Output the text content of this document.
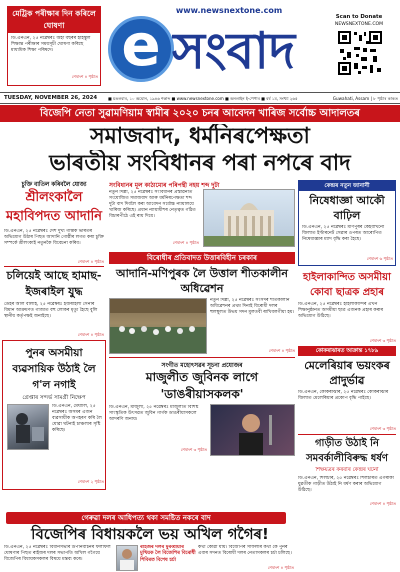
মেট্ৰিক পৰীক্ষাৰ দিন কৰিলে ঘোষণা
ডি.এনএন, ২৫ নৱেম্বৰঃ অহা বছৰৰ হাইস্কুল শিক্ষান্ত পৰীক্ষাৰ সময়সূচী ঘোষণা কৰিছে মাধ্যমিক শিক্ষা পৰিষদে।
শেষাংশ ৪ পৃষ্ঠাত
www.newsnextone.com
e সংবাদ
Scan to Donate
NEWSNEXTONE.COM
TUESDAY, NOVEMBER 26, 2024	■ মঙলবাৰ, ১০ অঘোন, ১৯৪৬ শকাব্দ ■ www.newsnextone.com ■ অনলাইন ই-পেপাৰ ■ বৰ্ষ ১ম, সংখ্যা ২৬৫	Guwahati, Assam | ৮ পৃষ্ঠাৰ কাকত
বিজেপি নেতা সুৱামণিয়াম স্বামীৰ ২০২০ চনৰ আবেদন খাৰিজ সৰ্বোচ্চ আদালতৰ
সমাজবাদ, ধৰ্মনিৰপেক্ষতা
ভাৰতীয় সংবিধানৰ পৰা নপৰে বাদ
চুক্তি বাতিল কৰিবলৈ যোজ্য
শ্ৰীলংকালৈ মহাবিপদত আদানি
ডি.এনএন, ২৫ নৱেম্বৰঃ দেশ দুখ্য গম্ভিক ভাৰতৰ অভিযোগ উঠাৰ পিছত আদানি গোষ্ঠীৰ লগত কৰা চুক্তি সম্পৰ্কে শ্ৰীলংকাই নতুনকৈ বিবেচনা কৰিব।
শেষাংশ ৪ পৃষ্ঠাত
চলিয়েই আছে হামাছ-ইজৰাইল যুদ্ধ
ডেইৰ আল বালাহ, ২৫ নৱেম্বৰঃ ইজৰাইলী সেনাৰ বিমান আক্ৰমণত গাজাত বহু লোকৰ মৃত্যু হৈছে বুলি স্থানীয় কৰ্তৃপক্ষই জনাইছে।
শেষাংশ ৪ পৃষ্ঠাত
পুনৰ অসমীয়া ব্যৱসায়িক উঠাই লৈ গ'ল নগাই
গ্ৰেপ্তাৰ সন্দৰ্ভ সামগ্ৰী নিক্ষেপ
ডি.এনএন, মেঘালি, ২৫ নৱেম্বৰঃ অসমৰ এজন ব্যৱসায়ীক অপহৰণ কৰি লৈ যোৱা ঘটনাই চাঞ্চল্যৰ সৃষ্টি কৰিছে।
শেষাংশ ২ পৃষ্ঠাত
সংবিধানৰ মূল কাঠামোৰ পৰিপন্থী নহয় শব্দ দুটা
নতুন দিল্লী, ২৫ নৱেম্বৰঃ সংবিধানৰ প্ৰস্তাৱনাত সংযোজিত সমাজবাদ আৰু ধৰ্মনিৰপেক্ষতা শব্দ দুটা বাদ দিবলৈ কৰা আবেদন সৰ্বোচ্চ ন্যায়ালয়ে খাৰিজ কৰিছে। প্ৰধান ন্যায়াধীশৰ নেতৃত্বত গঠিত বিচাৰপীঠে এই ৰায় দিয়ে।
শেষাংশ ৪ পৃষ্ঠাত
বিৰোধীৰ প্ৰতিবাদত উত্তাৰবিহীন চৰকাৰ
আদানি-মণিপুৰক লৈ উত্তাল শীতকালীন অধিৱেশন
নতুন দিল্লী, ২৫ নৱেম্বৰঃ সংসদৰ শীতকালীন অধিৱেশনৰ প্ৰথম দিনাই বিৰোধী দলৰ হুলস্থুলত উভয় সদন মুলতবী ৰাখিবলগীয়া হয়।
শেষাংশ ৪ পৃষ্ঠাত
সংগীত মহোৎসৱৰ সূচনা প্ৰযোজৰ
মাজুলীত জুবিনক লাগে 'ডাঙৰীয়াসকলক'
ডি.এনএন, মাজুলী, ২৫ নৱেম্বৰঃ মাজুলীত বিশিষ্ট সাংস্কৃতিক উৎসৱত জুবিন গাৰ্গক ডাঙৰীয়াসকলে আদৰণি জনায়।
শেষাংশ ৩ পৃষ্ঠাত
কেন্দ্ৰৰ নতুন জানানী
নিষেধাজ্ঞা আকৌ বাঢ়িল
ডি.এনএন, ২৫ নৱেম্বৰঃ মণিপুৰৰ কেইবাখনো জিলাত ইণ্টাৰনেট সেৱাৰ ওপৰত আৰোপিত নিষেধাজ্ঞাৰ ম্যাদ বৃদ্ধি কৰা হৈছে।
শেষাংশ ৬ পৃষ্ঠাত
হাইলাকান্দিত অসমীয়া কোবা ছাত্ৰক প্ৰহাৰ
ডি.এনএন, ২৫ নৱেম্বৰঃ হাইলাকান্দিৰ এখন শিক্ষানুষ্ঠানত অসমীয়া ছাত্ৰ এজনক প্ৰহাৰ কৰাৰ অভিযোগ উঠিছে।
শেষাংশ ৩ পৃষ্ঠাত
কোকৰাঝাৰত আক্ৰান্ত ১৭৮৯
মেলেৰিয়াৰ ভয়ংকৰ প্ৰাদুৰ্ভাৱ
ডি.এনএন, কোকৰাঝাৰ, ২৫ নৱেম্বৰঃ কোকৰাঝাৰ জিলাত মেলেৰিয়াৰ প্ৰকোপ বৃদ্ধি পাইছে।
শেষাংশ ৩ পৃষ্ঠাত
গাড়ীত উঠাই নি সমবৰ্কালীবিৰুদ্ধ ধৰ্ষণ
শিক্ষয়ত্ৰৰ কৰবাৰ কেন্দ্ৰৰ ঘটনা
ডি.এনএন, শিলচাৰ, ২৫ নৱেম্বৰঃ শিলচাৰত এগৰাকী যুৱতীক গাড়ীত উঠাই নি ধৰ্ষণ কৰাৰ অভিযোগ উঠিছে।
শেষাংশ ৪ পৃষ্ঠাত
গেৰুৱা দলৰ আধিপত্য থকা সমষ্টিত নকৰে বাদ
বিজেপিৰ বিধায়কলৈ ভয় অখিল গগৈৰ!
ডি.এনএন, ২৫ নৱেম্বৰঃ বিধানসভাৰ উপনিৰ্বাচনৰ ফলাফল ঘোষণাৰ পিছত ৰাইজৰ দলৰ সভাপতি অখিল গগৈয়ে বিজেপিৰ বিধায়কসকলৰ বিষয়ে মন্তব্য কৰে।
ৰাইজৰ দলৰ মুৰব্বীয়াৰ মুখিয়ক লৈ বিজেপিৰ বিৰোধী শিবিৰত বিশেষ চৰ্চা
কথা কোৱা যায়। বিজেপিৰ সাফল্যৰ কথা কৈ পুনৰ এবাৰ সদনত বিৰোধী দলৰ নেতাসকলৰ চৰ্চা চলিছে।
শেষাংশ ৪ পৃষ্ঠাত
